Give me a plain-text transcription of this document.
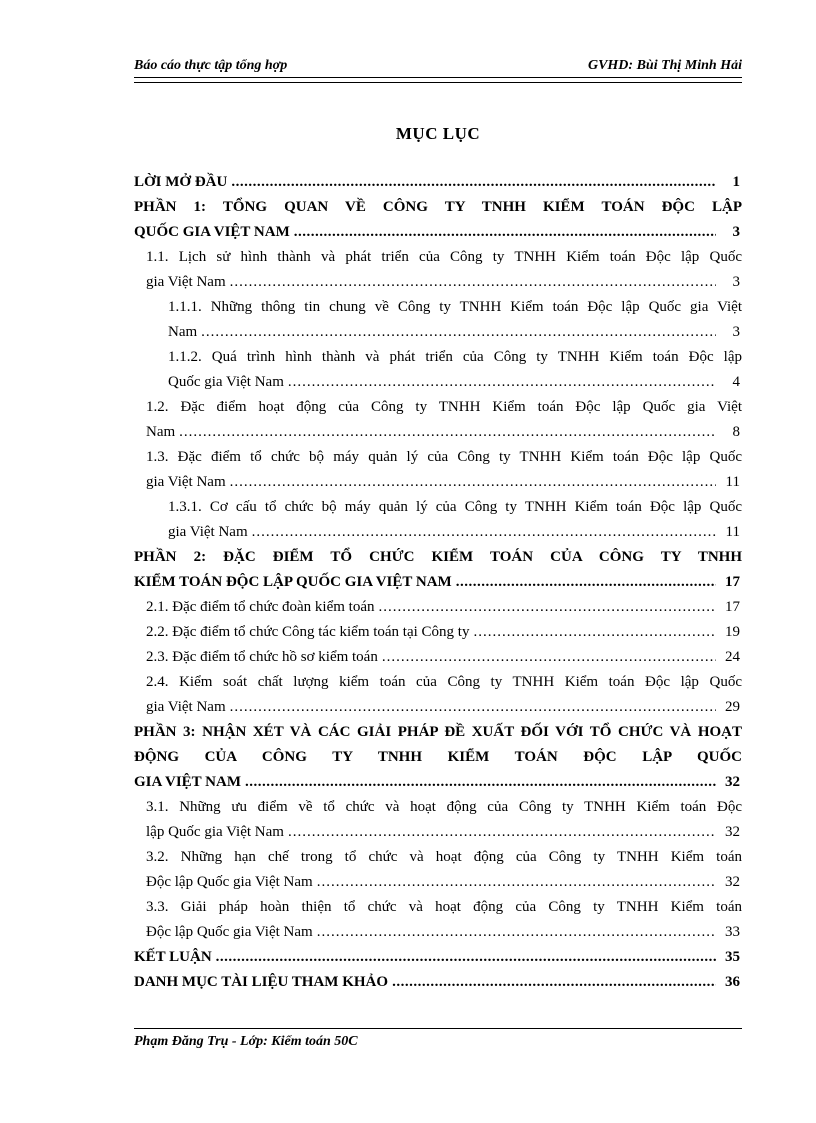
Báo cáo thực tập tổng hợp	GVHD: Bùi Thị Minh Hải
MỤC LỤC
LỜI MỞ ĐẦU .....	1
PHẦN 1: TỔNG QUAN VỀ CÔNG TY TNHH KIỂM TOÁN ĐỘC LẬP
QUỐC GIA VIỆT NAM .....	3
1.1. Lịch sử hình thành và phát triển của Công ty TNHH Kiểm toán Độc lập Quốc
gia Việt Nam .....	3
1.1.1. Những thông tin chung về Công ty TNHH Kiểm toán Độc lập Quốc gia Việt
Nam .....	3
1.1.2. Quá trình hình thành và phát triển của Công ty TNHH Kiểm toán Độc lập
Quốc gia Việt Nam .....	4
1.2. Đặc điểm hoạt động của Công ty TNHH Kiểm toán Độc lập Quốc gia Việt
Nam .....	8
1.3. Đặc điểm tổ chức bộ máy quản lý của Công ty TNHH Kiểm toán Độc lập Quốc
gia Việt Nam .....	11
1.3.1. Cơ cấu tổ chức bộ máy quản lý của Công ty TNHH Kiểm toán Độc lập Quốc
gia Việt Nam .....	11
PHẦN 2: ĐẶC ĐIỂM TỔ CHỨC KIỂM TOÁN CỦA CÔNG TY TNHH
KIỂM TOÁN ĐỘC LẬP QUỐC GIA VIỆT NAM .....	17
2.1. Đặc điểm tổ chức đoàn kiểm toán .....	17
2.2. Đặc điểm tổ chức Công tác kiểm toán tại Công ty .....	19
2.3. Đặc điểm tổ chức hồ sơ kiểm toán .....	24
2.4. Kiểm soát chất lượng kiểm toán của Công ty TNHH Kiểm toán Độc lập Quốc
gia Việt Nam .....	29
PHẦN 3: NHẬN XÉT VÀ CÁC GIẢI PHÁP ĐỀ XUẤT ĐỐI VỚI TỔ CHỨC VÀ HOẠT ĐỘNG CỦA CÔNG TY TNHH KIỂM TOÁN ĐỘC LẬP QUỐC
GIA VIỆT NAM .....	32
3.1. Những ưu điểm về tổ chức và hoạt động của Công ty TNHH Kiểm toán Độc
lập Quốc gia Việt Nam .....	32
3.2. Những hạn chế trong tổ chức và hoạt động của Công ty TNHH Kiểm toán
Độc lập Quốc gia Việt Nam .....	32
3.3. Giải pháp hoàn thiện tổ chức và hoạt động của Công ty TNHH Kiểm toán
Độc lập Quốc gia Việt Nam .....	33
KẾT LUẬN .....	35
DANH MỤC TÀI LIỆU THAM KHẢO .....	36
Phạm Đăng Trụ - Lớp: Kiểm toán 50C
